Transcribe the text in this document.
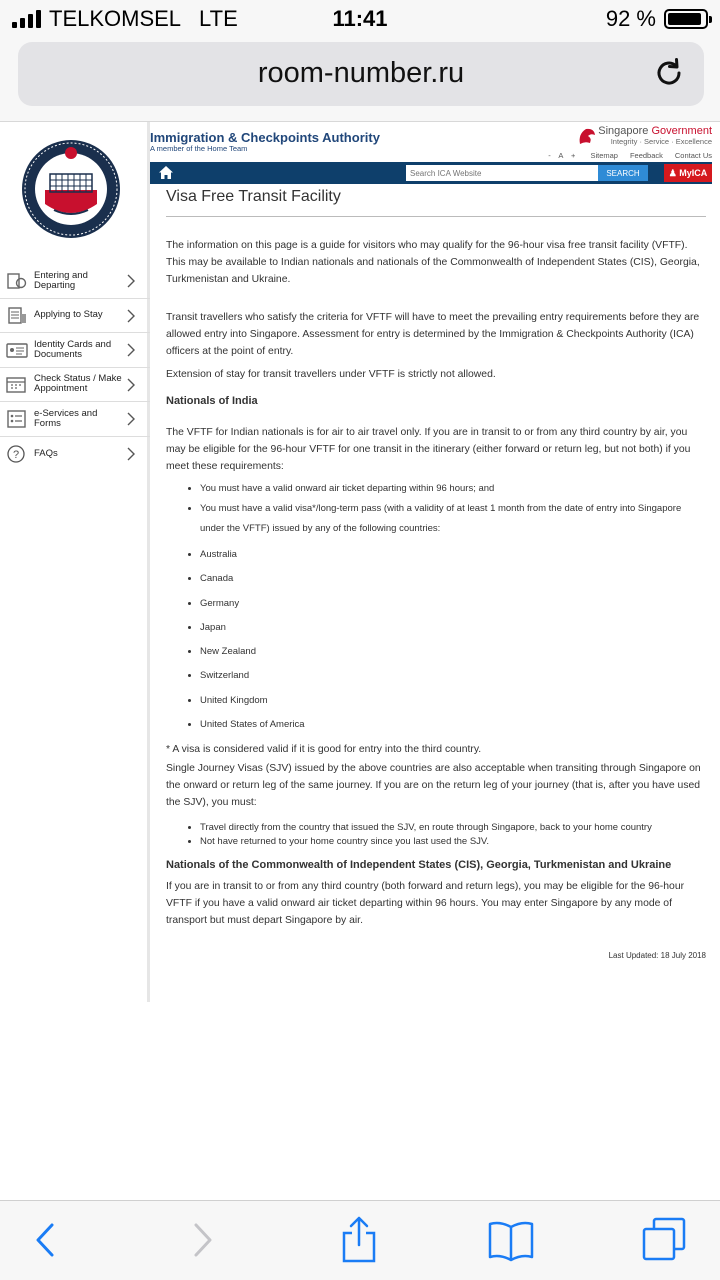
TELKOMSEL LTE	11:41	92 %
room-number.ru
Entering and Departing
Applying to Stay
Identity Cards and Documents
Check Status / Make Appointment
e-Services and Forms
? FAQs
Immigration & Checkpoints Authority
A member of the Home Team
Singapore Government
Integrity · Service · Excellence
- A + Sitemap Feedback Contact Us
Search ICA Website
SEARCH	♟ MyICA
Visa Free Transit Facility

The information on this page is a guide for visitors who may qualify for the 96-hour visa free transit facility (VFTF). This may be available to Indian nationals and nationals of the Commonwealth of Independent States (CIS), Georgia, Turkmenistan and Ukraine.

Transit travellers who satisfy the criteria for VFTF will have to meet the prevailing entry requirements before they are allowed entry into Singapore. Assessment for entry is determined by the Immigration & Checkpoints Authority (ICA) officers at the point of entry.

Extension of stay for transit travellers under VFTF is strictly not allowed.

Nationals of India

The VFTF for Indian nationals is for air to air travel only. If you are in transit to or from any third country by air, you may be eligible for the 96-hour VFTF for one transit in the itinerary (either forward or return leg, but not both) if you meet these requirements:

• You must have a valid onward air ticket departing within 96 hours; and
• You must have a valid visa*/long-term pass (with a validity of at least 1 month from the date of entry into Singapore under the VFTF) issued by any of the following countries:
• Australia
• Canada
• Germany
• Japan
• New Zealand
• Switzerland
• United Kingdom
• United States of America

* A visa is considered valid if it is good for entry into the third country.

Single Journey Visas (SJV) issued by the above countries are also acceptable when transiting through Singapore on the onward or return leg of the same journey. If you are on the return leg of your journey (that is, after you have used the SJV), you must:

• Travel directly from the country that issued the SJV, en route through Singapore, back to your home country
• Not have returned to your home country since you last used the SJV.
Nationals of the Commonwealth of Independent States (CIS), Georgia, Turkmenistan and Ukraine

If you are in transit to or from any third country (both forward and return legs), you may be eligible for the 96-hour VFTF if you have a valid onward air ticket departing within 96 hours. You may enter Singapore by any mode of transport but must depart Singapore by air.

Last Updated: 18 July 2018
